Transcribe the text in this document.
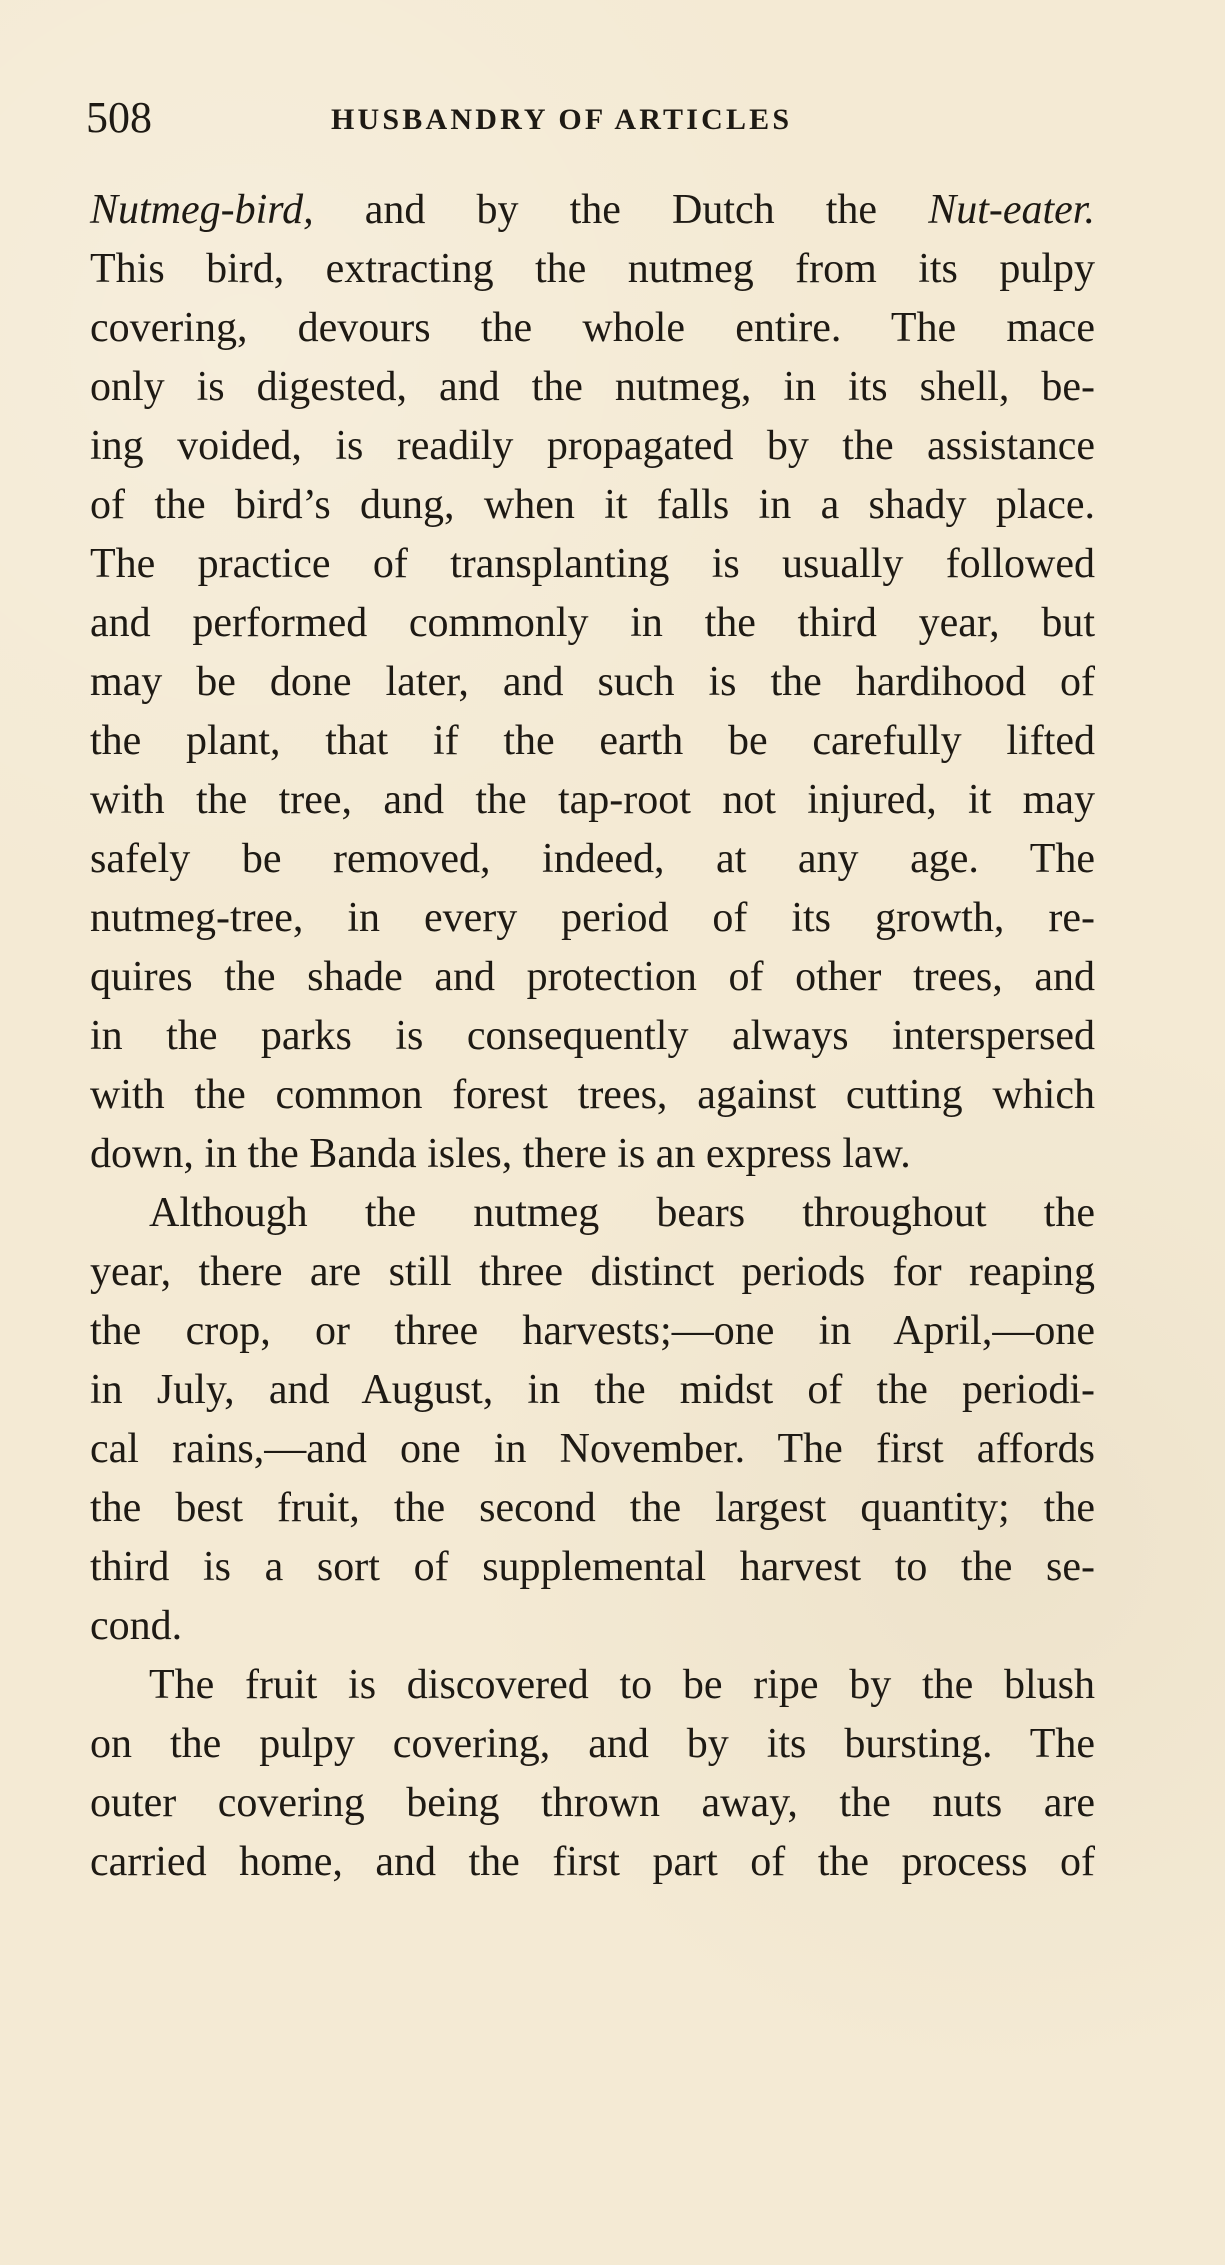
508	HUSBANDRY OF ARTICLES
Nutmeg-bird, and by the Dutch the Nut-eater.
This bird, extracting the nutmeg from its pulpy
covering, devours the whole entire. The mace
only is digested, and the nutmeg, in its shell, be-
ing voided, is readily propagated by the assistance
of the bird’s dung, when it falls in a shady place.
The practice of transplanting is usually followed
and performed commonly in the third year, but
may be done later, and such is the hardihood of
the plant, that if the earth be carefully lifted
with the tree, and the tap-root not injured, it may
safely be removed, indeed, at any age. The
nutmeg-tree, in every period of its growth, re-
quires the shade and protection of other trees, and
in the parks is consequently always interspersed
with the common forest trees, against cutting which
down, in the Banda isles, there is an express law.
Although the nutmeg bears throughout the
year, there are still three distinct periods for reaping
the crop, or three harvests;—one in April,—one
in July, and August, in the midst of the periodi-
cal rains,—and one in November. The first affords
the best fruit, the second the largest quantity; the
third is a sort of supplemental harvest to the se-
cond.
The fruit is discovered to be ripe by the blush
on the pulpy covering, and by its bursting. The
outer covering being thrown away, the nuts are
carried home, and the first part of the process of
